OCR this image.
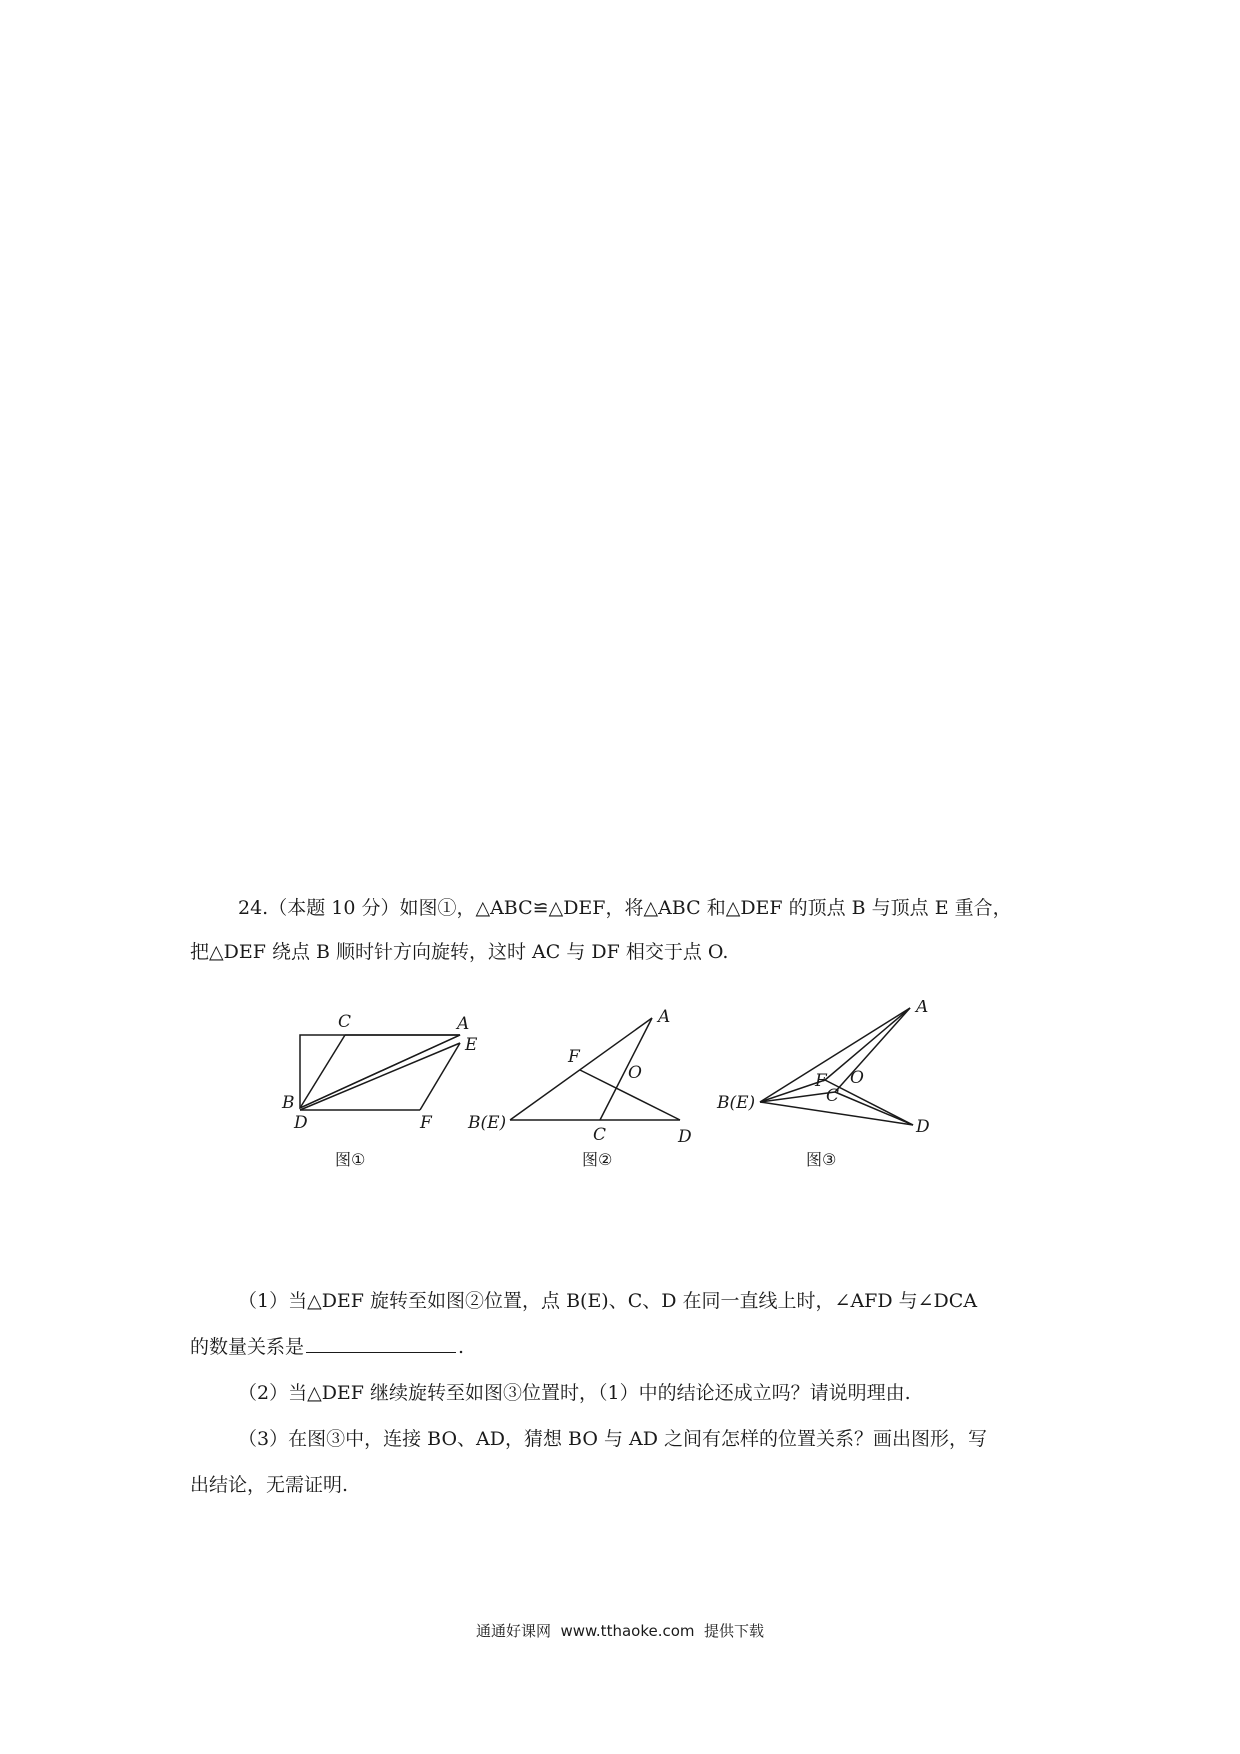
24.（本题 10 分）如图①，△ABC≌△DEF，将△ABC 和△DEF 的顶点 B 与顶点 E 重合，

把△DEF 绕点 B 顺时针方向旋转，这时 AC 与 DF 相交于点 O.

C	A
E
B
D	F
图①
A
F
O
B(E)
C	D
图②
A
F O
C
B(E)
D
图③

（1）当△DEF 旋转至如图②位置，点 B(E)、C、D 在同一直线上时，∠AFD 与∠DCA

的数量关系是	.

（2）当△DEF 继续旋转至如图③位置时，（1）中的结论还成立吗？请说明理由.

（3）在图③中，连接 BO、AD，猜想 BO 与 AD 之间有怎样的位置关系？画出图形，写

出结论，无需证明.

通通好课网  www.tthaoke.com  提供下载
